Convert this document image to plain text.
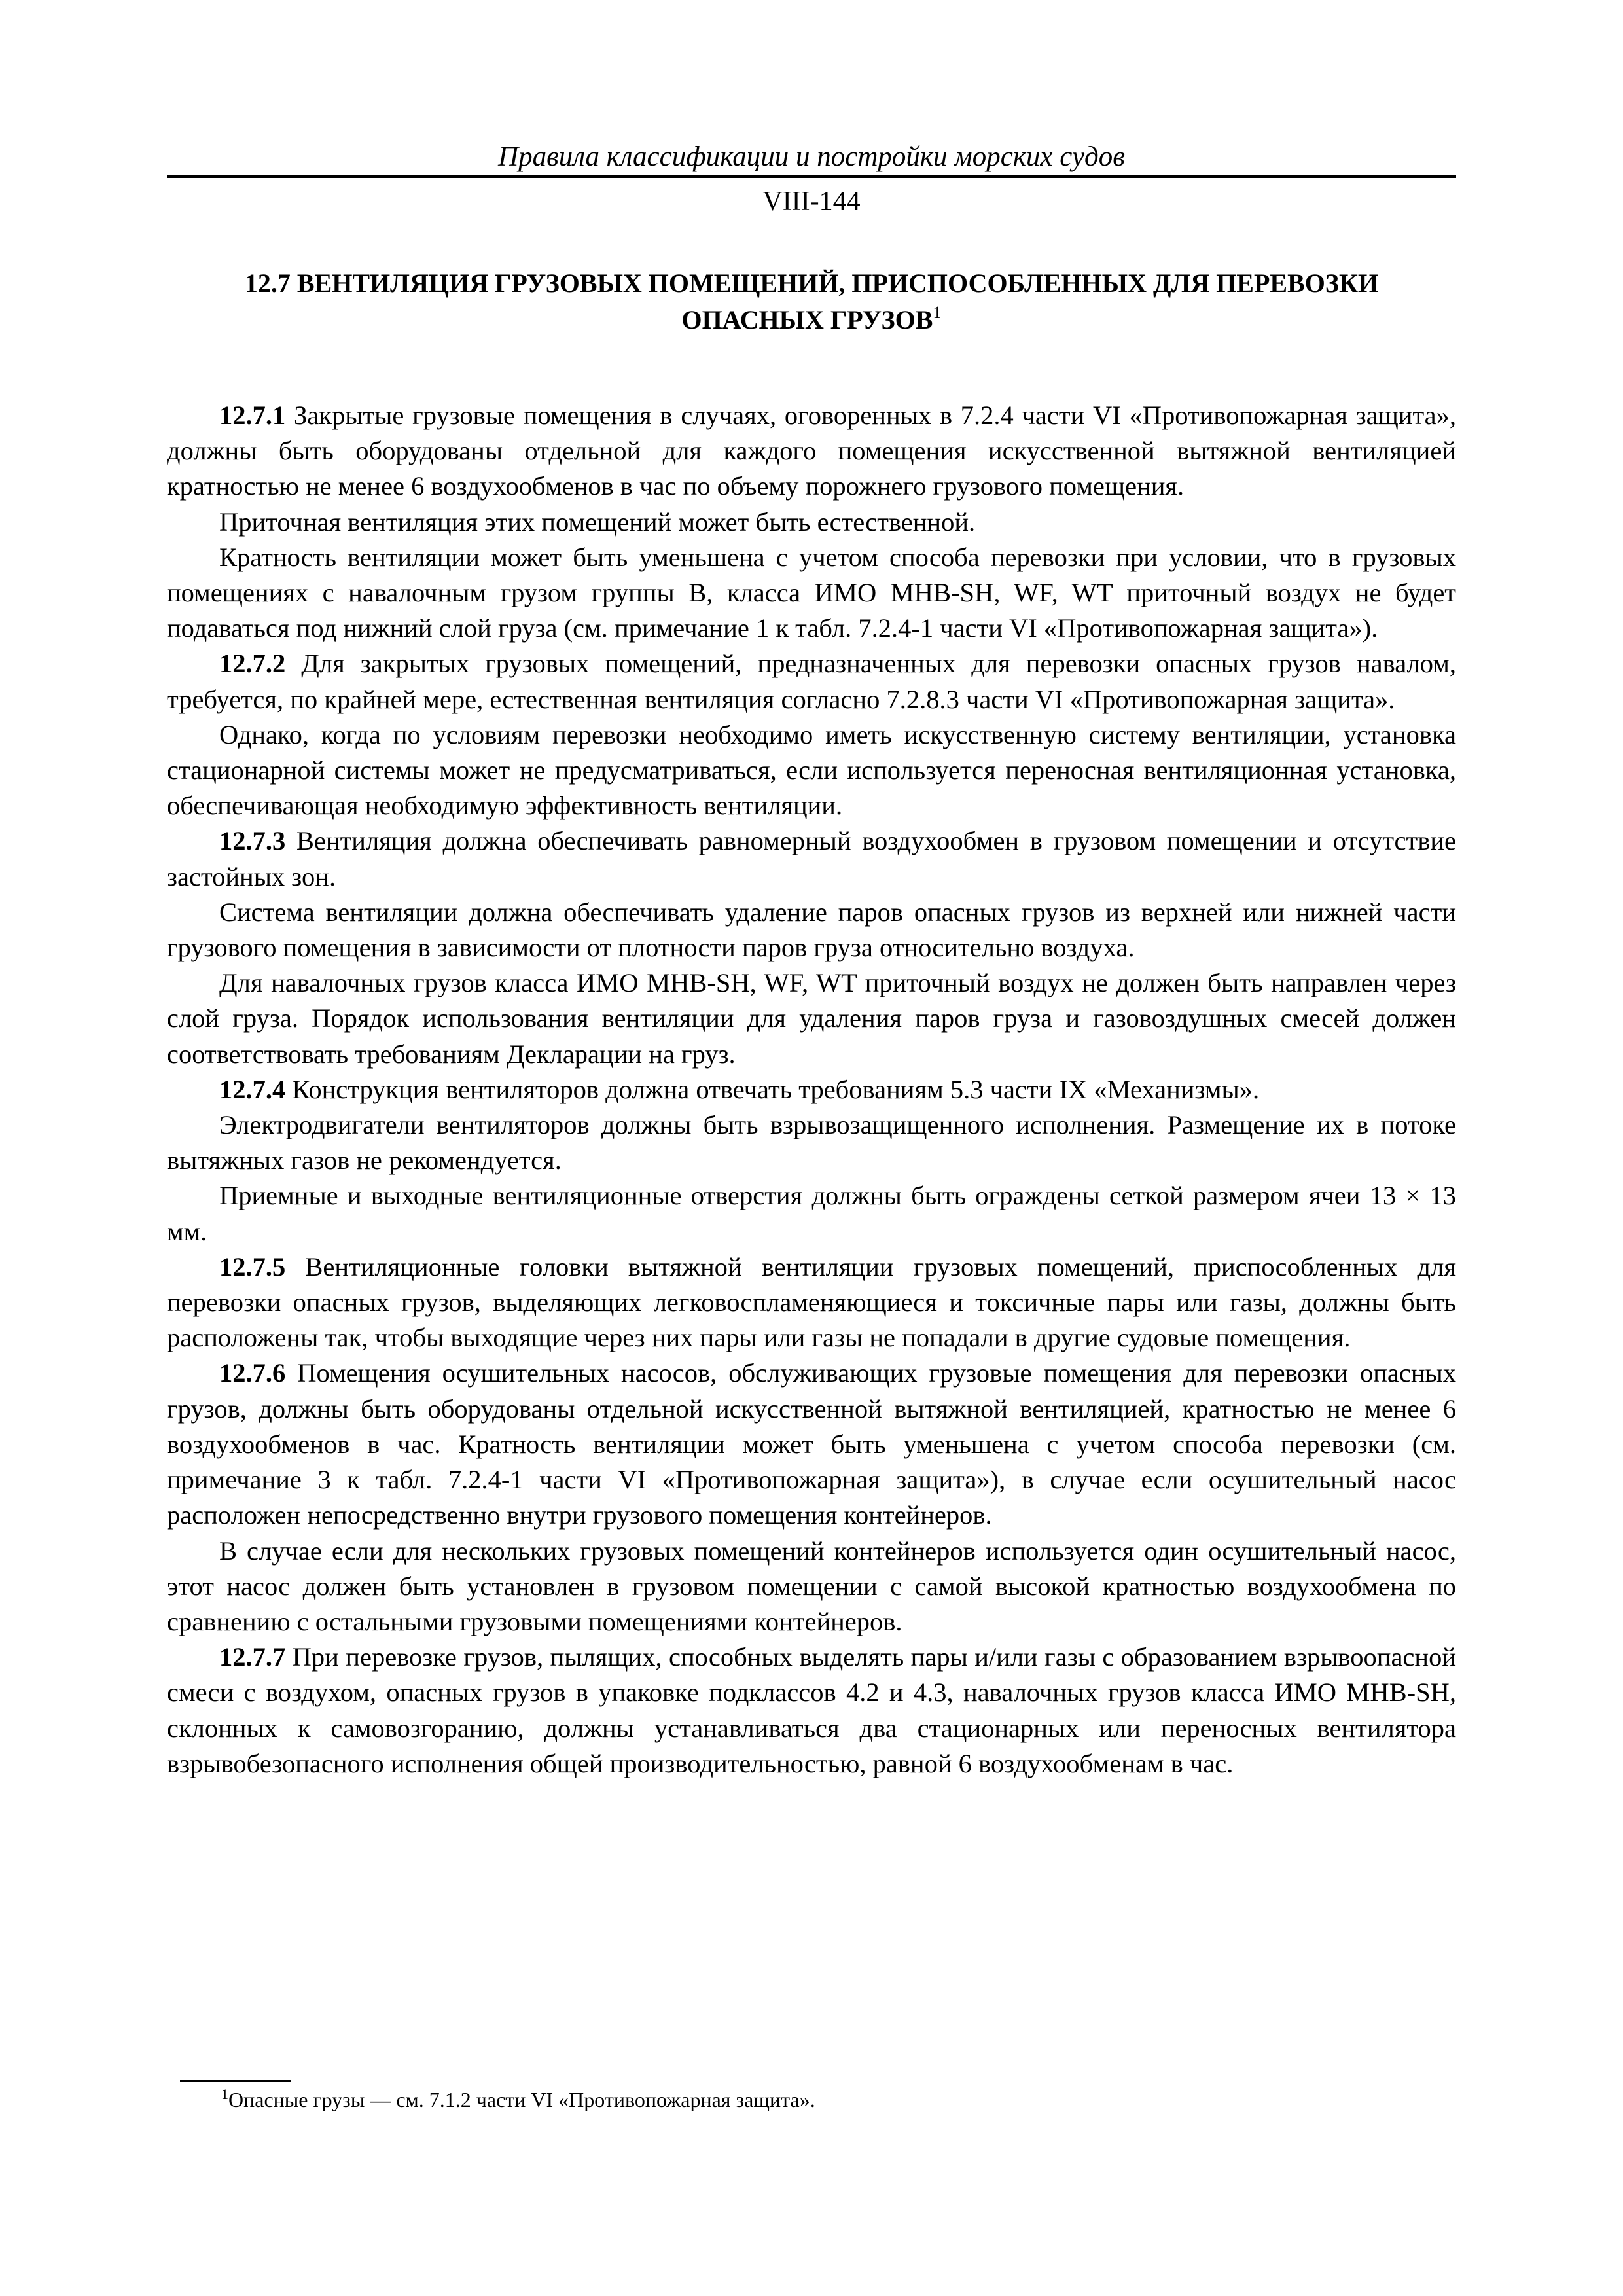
Правила классификации и постройки морских судов
VIII-144
12.7 ВЕНТИЛЯЦИЯ ГРУЗОВЫХ ПОМЕЩЕНИЙ, ПРИСПОСОБЛЕННЫХ ДЛЯ ПЕРЕВОЗКИ
ОПАСНЫХ ГРУЗОВ$^1$

12.7.1 Закрытые грузовые помещения в случаях, оговоренных в 7.2.4 части VI «Противопожарная защита», должны быть оборудованы отдельной для каждого помещения искусственной вытяжной вентиляцией кратностью не менее 6 воздухообменов в час по объему порожнего грузового помещения.

Приточная вентиляция этих помещений может быть естественной.

Кратность вентиляции может быть уменьшена с учетом способа перевозки при условии, что в грузовых помещениях с навалочным грузом группы В, класса ИМО МНВ-SH, WF, WT приточный воздух не будет подаваться под нижний слой груза (см. примечание 1 к табл. 7.2.4-1 части VI «Противопожарная защита»).

12.7.2 Для закрытых грузовых помещений, предназначенных для перевозки опасных грузов навалом, требуется, по крайней мере, естественная вентиляция согласно 7.2.8.3 части VI «Противопожарная защита».

Однако, когда по условиям перевозки необходимо иметь искусственную систему вентиляции, установка стационарной системы может не предусматриваться, если используется переносная вентиляционная установка, обеспечивающая необходимую эффективность вентиляции.

12.7.3 Вентиляция должна обеспечивать равномерный воздухообмен в грузовом помещении и отсутствие застойных зон.

Система вентиляции должна обеспечивать удаление паров опасных грузов из верхней или нижней части грузового помещения в зависимости от плотности паров груза относительно воздуха.

Для навалочных грузов класса ИМО МНВ-SH, WF, WT приточный воздух не должен быть направлен через слой груза. Порядок использования вентиляции для удаления паров груза и газовоздушных смесей должен соответствовать требованиям Декларации на груз.

12.7.4 Конструкция вентиляторов должна отвечать требованиям 5.3 части IX «Механизмы».

Электродвигатели вентиляторов должны быть взрывозащищенного исполнения. Размещение их в потоке вытяжных газов не рекомендуется.

Приемные и выходные вентиляционные отверстия должны быть ограждены сеткой размером ячеи 13 × 13 мм.

12.7.5 Вентиляционные головки вытяжной вентиляции грузовых помещений, приспособленных для перевозки опасных грузов, выделяющих легковоспламеняющиеся и токсичные пары или газы, должны быть расположены так, чтобы выходящие через них пары или газы не попадали в другие судовые помещения.

12.7.6 Помещения осушительных насосов, обслуживающих грузовые помещения для перевозки опасных грузов, должны быть оборудованы отдельной искусственной вытяжной вентиляцией, кратностью не менее 6 воздухообменов в час. Кратность вентиляции может быть уменьшена с учетом способа перевозки (см. примечание 3 к табл. 7.2.4-1 части VI «Противопожарная защита»), в случае если осушительный насос расположен непосредственно внутри грузового помещения контейнеров.

В случае если для нескольких грузовых помещений контейнеров используется один осушительный насос, этот насос должен быть установлен в грузовом помещении с самой высокой кратностью воздухообмена по сравнению с остальными грузовыми помещениями контейнеров.

12.7.7 При перевозке грузов, пылящих, способных выделять пары и/или газы с образованием взрывоопасной смеси с воздухом, опасных грузов в упаковке подклассов 4.2 и 4.3, навалочных грузов класса ИМО МНВ-SH, склонных к самовозгоранию, должны устанавливаться два стационарных или переносных вентилятора взрывобезопасного исполнения общей производительностью, равной 6 воздухообменам в час.

$^1$Опасные грузы — см. 7.1.2 части VI «Противопожарная защита».
